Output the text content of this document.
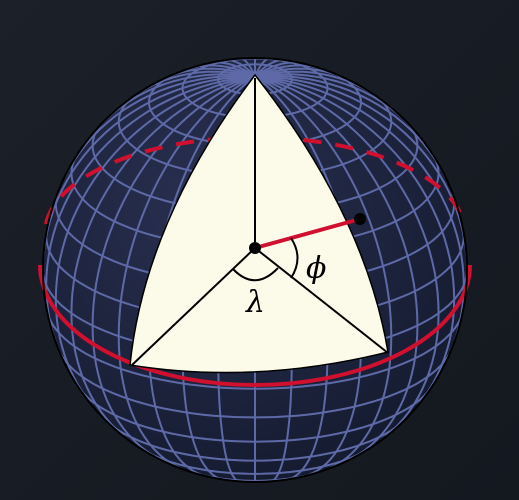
λ
ϕ
